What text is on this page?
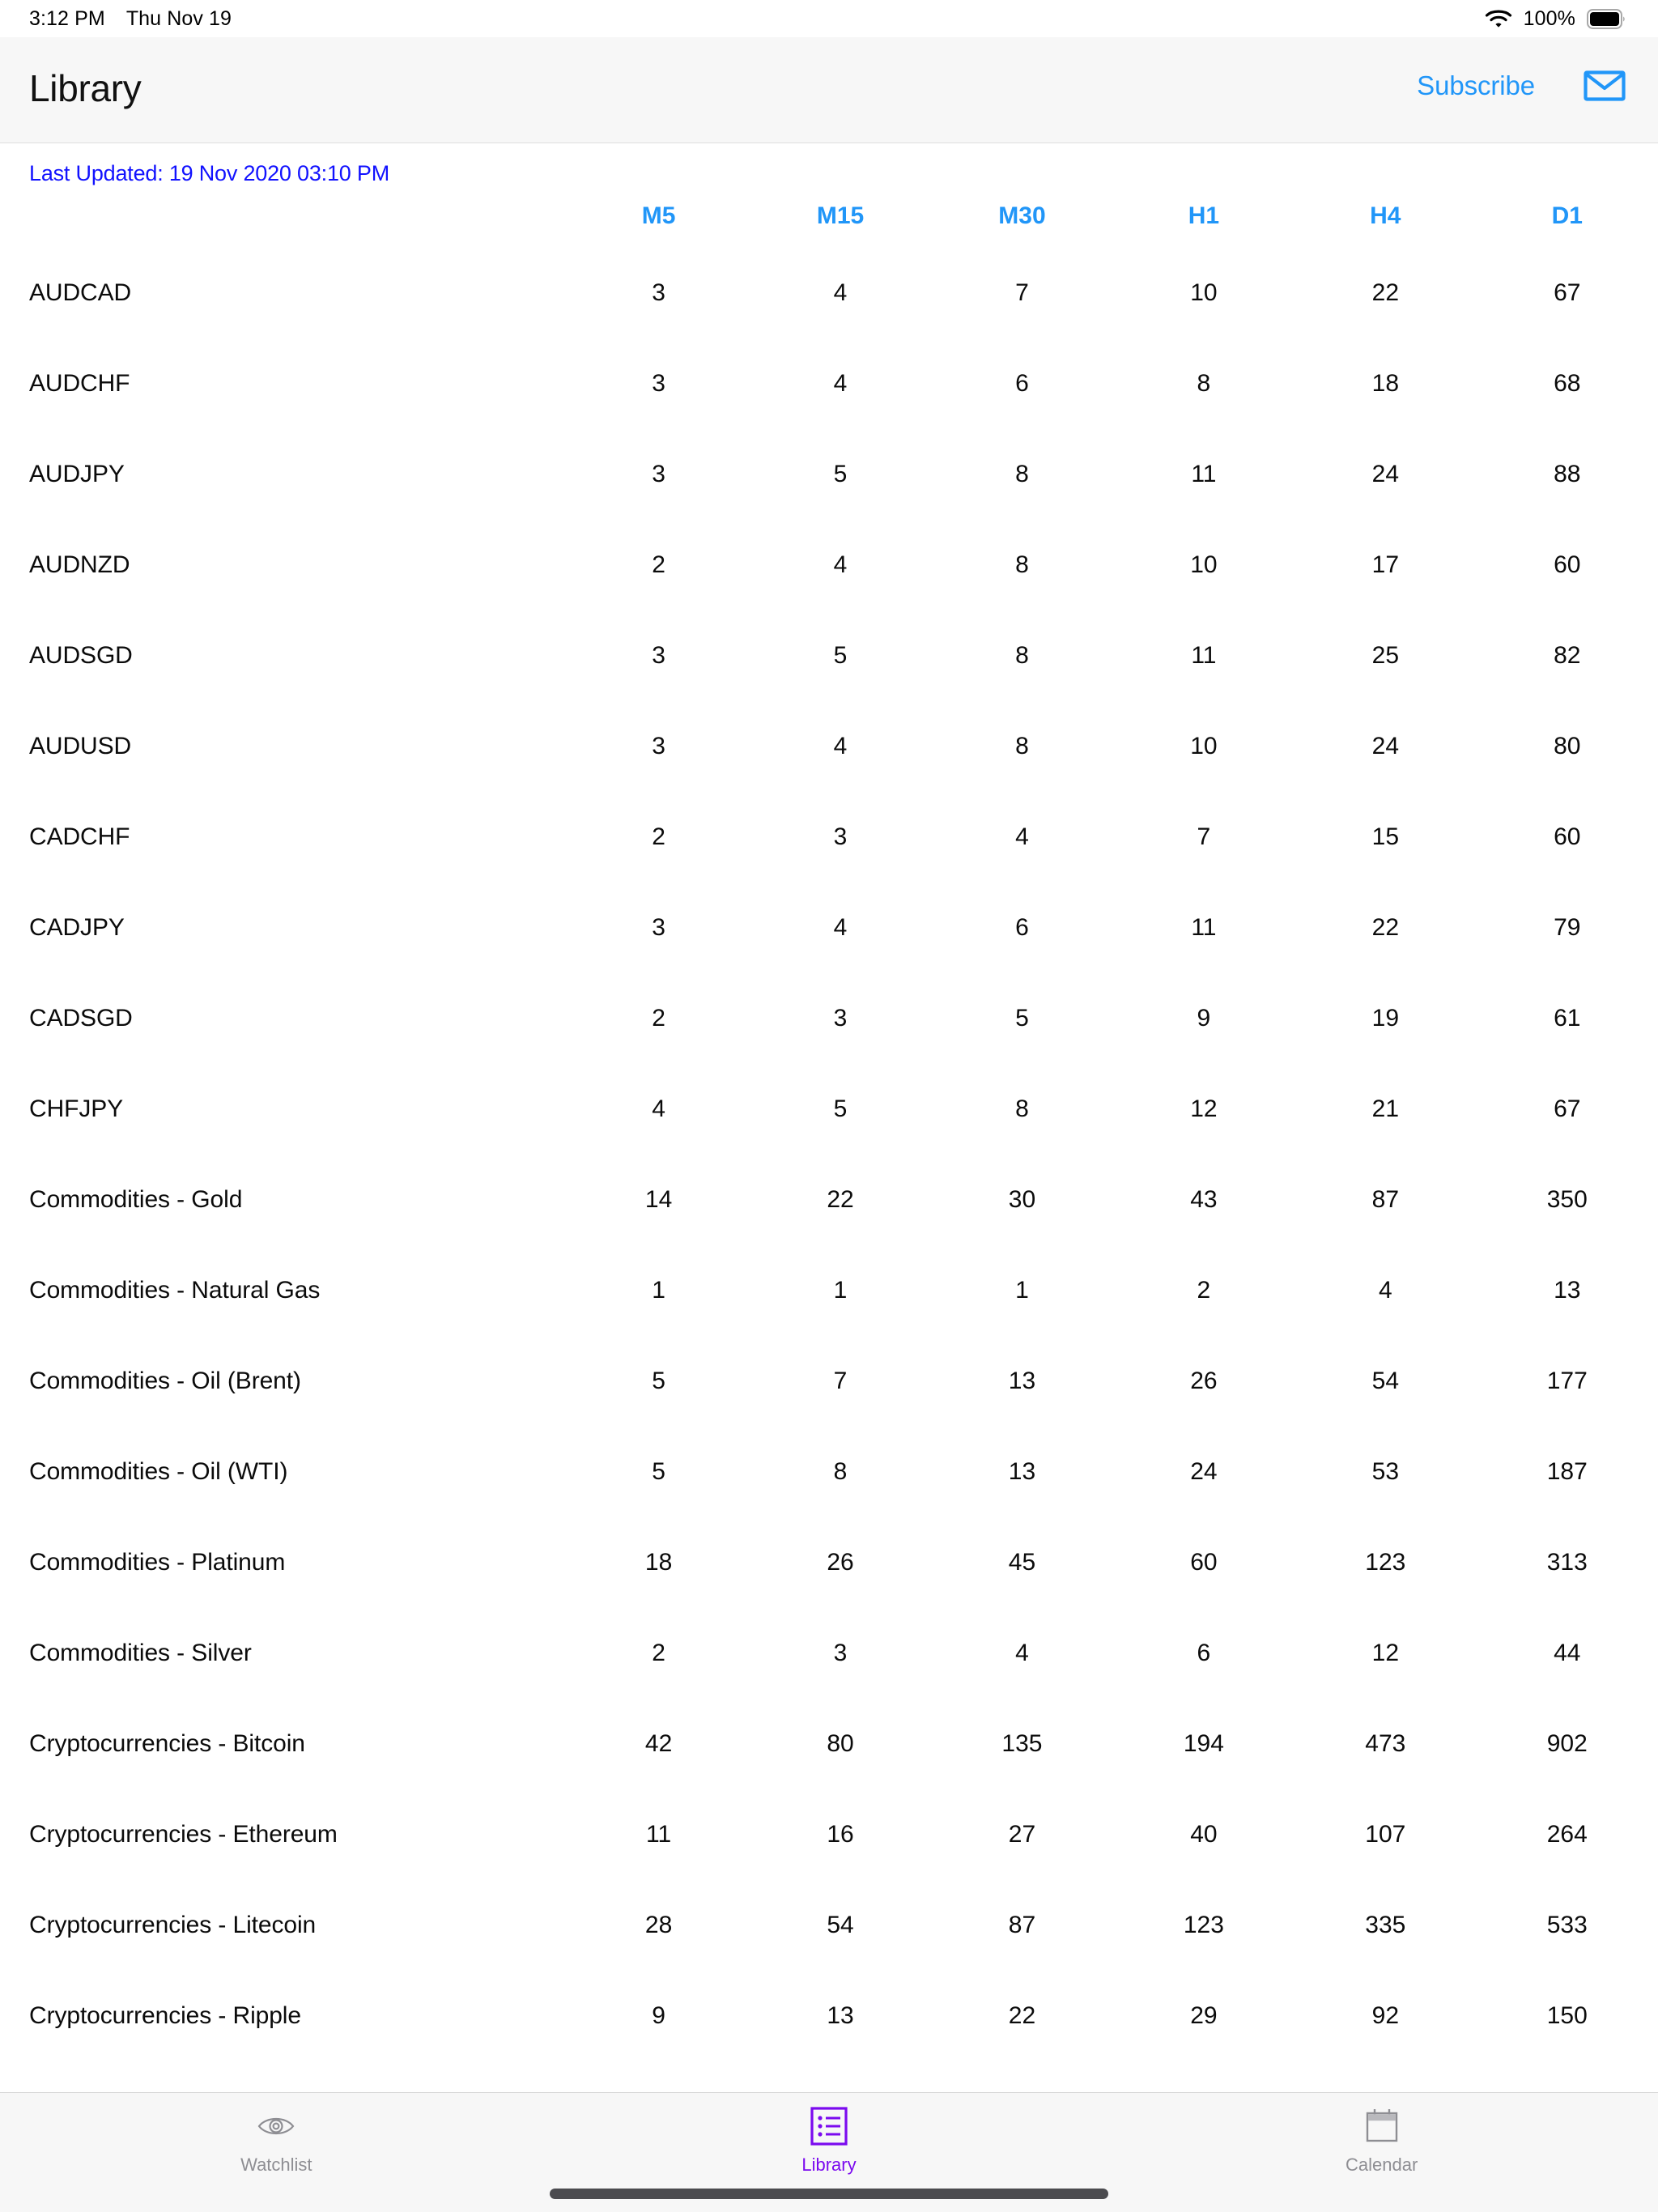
3:12 PM Thu Nov 19	100%
Library	Subscribe
Last Updated: 19 Nov 2020 03:10 PM
	M5	M15	M30	H1	H4	D1
AUDCAD	3	4	7	10	22	67
AUDCHF	3	4	6	8	18	68
AUDJPY	3	5	8	11	24	88
AUDNZD	2	4	8	10	17	60
AUDSGD	3	5	8	11	25	82
AUDUSD	3	4	8	10	24	80
CADCHF	2	3	4	7	15	60
CADJPY	3	4	6	11	22	79
CADSGD	2	3	5	9	19	61
CHFJPY	4	5	8	12	21	67
Commodities - Gold	14	22	30	43	87	350
Commodities - Natural Gas	1	1	1	2	4	13
Commodities - Oil (Brent)	5	7	13	26	54	177
Commodities - Oil (WTI)	5	8	13	24	53	187
Commodities - Platinum	18	26	45	60	123	313
Commodities - Silver	2	3	4	6	12	44
Cryptocurrencies - Bitcoin	42	80	135	194	473	902
Cryptocurrencies - Ethereum	11	16	27	40	107	264
Cryptocurrencies - Litecoin	28	54	87	123	335	533
Cryptocurrencies - Ripple	9	13	22	29	92	150
Watchlist	Library	Calendar
